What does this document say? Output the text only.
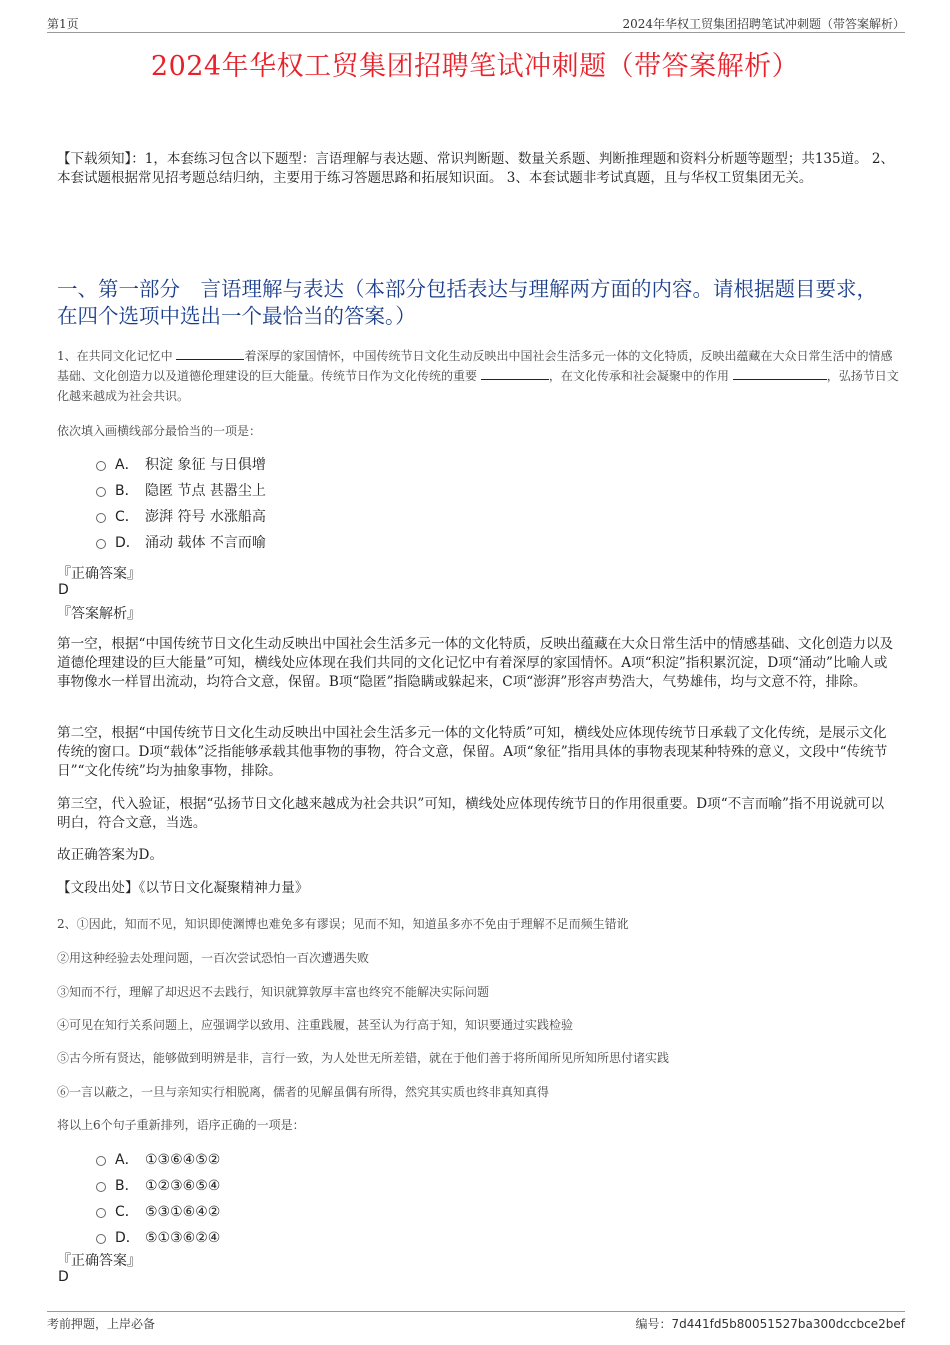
第1页	2024年华权工贸集团招聘笔试冲刺题（带答案解析）
2024年华权工贸集团招聘笔试冲刺题（带答案解析）
【下载须知】：1，本套练习包含以下题型：言语理解与表达题、常识判断题、数量关系题、判断推理题和资料分析题等题型；共135道。 2、本套试题根据常见招考题总结归纳，主要用于练习答题思路和拓展知识面。 3、本套试题非考试真题，且与华权工贸集团无关。
一、第一部分　言语理解与表达（本部分包括表达与理解两方面的内容。请根据题目要求，在四个选项中选出一个最恰当的答案。）
1、在共同文化记忆中	着深厚的家国情怀，中国传统节日文化生动反映出中国社会生活多元一体的文化特质，反映出蕴藏在大众日常生活中的情感基础、文化创造力以及道德伦理建设的巨大能量。传统节日作为文化传统的重要	，在文化传承和社会凝聚中的作用	，弘扬节日文化越来越成为社会共识。
依次填入画横线部分最恰当的一项是：
A． 积淀 象征 与日俱增
B． 隐匿 节点 甚嚣尘上
C． 澎湃 符号 水涨船高
D． 涌动 载体 不言而喻
『正确答案』
D
『答案解析』
第一空，根据“中国传统节日文化生动反映出中国社会生活多元一体的文化特质，反映出蕴藏在大众日常生活中的情感基础、文化创造力以及道德伦理建设的巨大能量”可知，横线处应体现在我们共同的文化记忆中有着深厚的家国情怀。A项“积淀”指积累沉淀，D项“涌动”比喻人或事物像水一样冒出流动，均符合文意，保留。B项“隐匿”指隐瞒或躲起来，C项“澎湃”形容声势浩大，气势雄伟，均与文意不符，排除。
第二空，根据“中国传统节日文化生动反映出中国社会生活多元一体的文化特质”可知，横线处应体现传统节日承载了文化传统，是展示文化传统的窗口。D项“载体”泛指能够承载其他事物的事物，符合文意，保留。A项“象征”指用具体的事物表现某种特殊的意义，文段中“传统节日”“文化传统”均为抽象事物，排除。
第三空，代入验证，根据“弘扬节日文化越来越成为社会共识”可知，横线处应体现传统节日的作用很重要。D项“不言而喻”指不用说就可以明白，符合文意，当选。
故正确答案为D。
【文段出处】《以节日文化凝聚精神力量》
2、①因此，知而不见，知识即使渊博也难免多有谬误；见而不知，知道虽多亦不免由于理解不足而频生错讹
②用这种经验去处理问题，一百次尝试恐怕一百次遭遇失败
③知而不行，理解了却迟迟不去践行，知识就算敦厚丰富也终究不能解决实际问题
④可见在知行关系问题上，应强调学以致用、注重践履，甚至认为行高于知，知识要通过实践检验
⑤古今所有贤达，能够做到明辨是非，言行一致，为人处世无所差错，就在于他们善于将所闻所见所知所思付诸实践
⑥一言以蔽之，一旦与亲知实行相脱离，儒者的见解虽偶有所得，然究其实质也终非真知真得
将以上6个句子重新排列，语序正确的一项是：
A． ①③⑥④⑤②
B． ①②③⑥⑤④
C． ⑤③①⑥④②
D． ⑤①③⑥②④
『正确答案』
D
考前押题，上岸必备	编号：7d441fd5b80051527ba300dccbce2bef
